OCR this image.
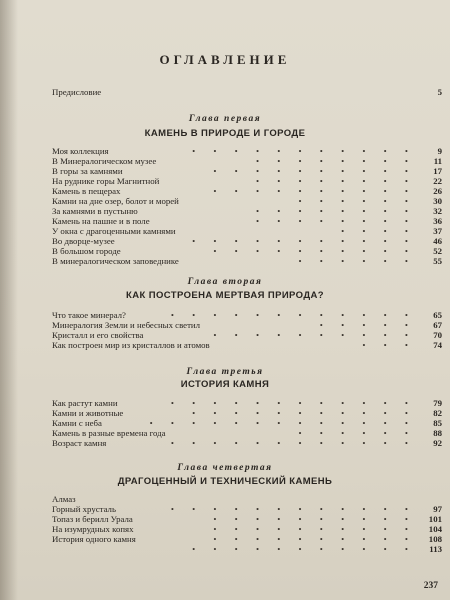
ОГЛАВЛЕНИЕ
Предисловие	5
Глава первая
КАМЕНЬ В ПРИРОДЕ И ГОРОДЕ
Моя коллекция	• • • • • • • • • • •	9
В Минералогическом музее	• • • • • • • •	11
В горы за камнями	• • • • • • • • • •	17
На руднике горы Магнитной	• • • • • • • •	22
Камень в пещерах	• • • • • • • • • •	26
Камни на дне озер, болот и морей	• • • • • •	30
За камнями в пустыню	• • • • • • • •	32
Камень на пашне и в поле	• • • • • • • •	36
У окна с драгоценными камнями	• • • •	37
Во дворце-музее	• • • • • • • • • • •	46
В большом городе	• • • • • • • • • •	52
В минералогическом заповеднике	• • • • • •	55
Глава вторая
КАК ПОСТРОЕНА МЕРТВАЯ ПРИРОДА?
Что такое минерал?	• • • • • • • • • • • •	65
Минералогия Земли и небесных светил	• • • • •	67
Кристалл и его свойства	• • • • • • • • • •	70
Как построен мир из кристаллов и атомов	• • •	74
Глава третья
ИСТОРИЯ КАМНЯ
Как растут камни	• • • • • • • • • • • •	79
Камни и животные	• • • • • • • • • • •	82
Камни с неба	• • • • • • • • • • • • •	85
Камень в разные времена года	• • • • • •	88
Возраст камня	• • • • • • • • • • • •	92
Глава четвертая
ДРАГОЦЕННЫЙ И ТЕХНИЧЕСКИЙ КАМЕНЬ
Алмаз
Горный хрусталь	• • • • • • • • • • • •	97
Топаз и берилл Урала	• • • • • • • • • •	101
На изумрудных копях	• • • • • • • • • •	104
История одного камня	• • • • • • • • • •	108
• • • • • • • • • • •	113
237
